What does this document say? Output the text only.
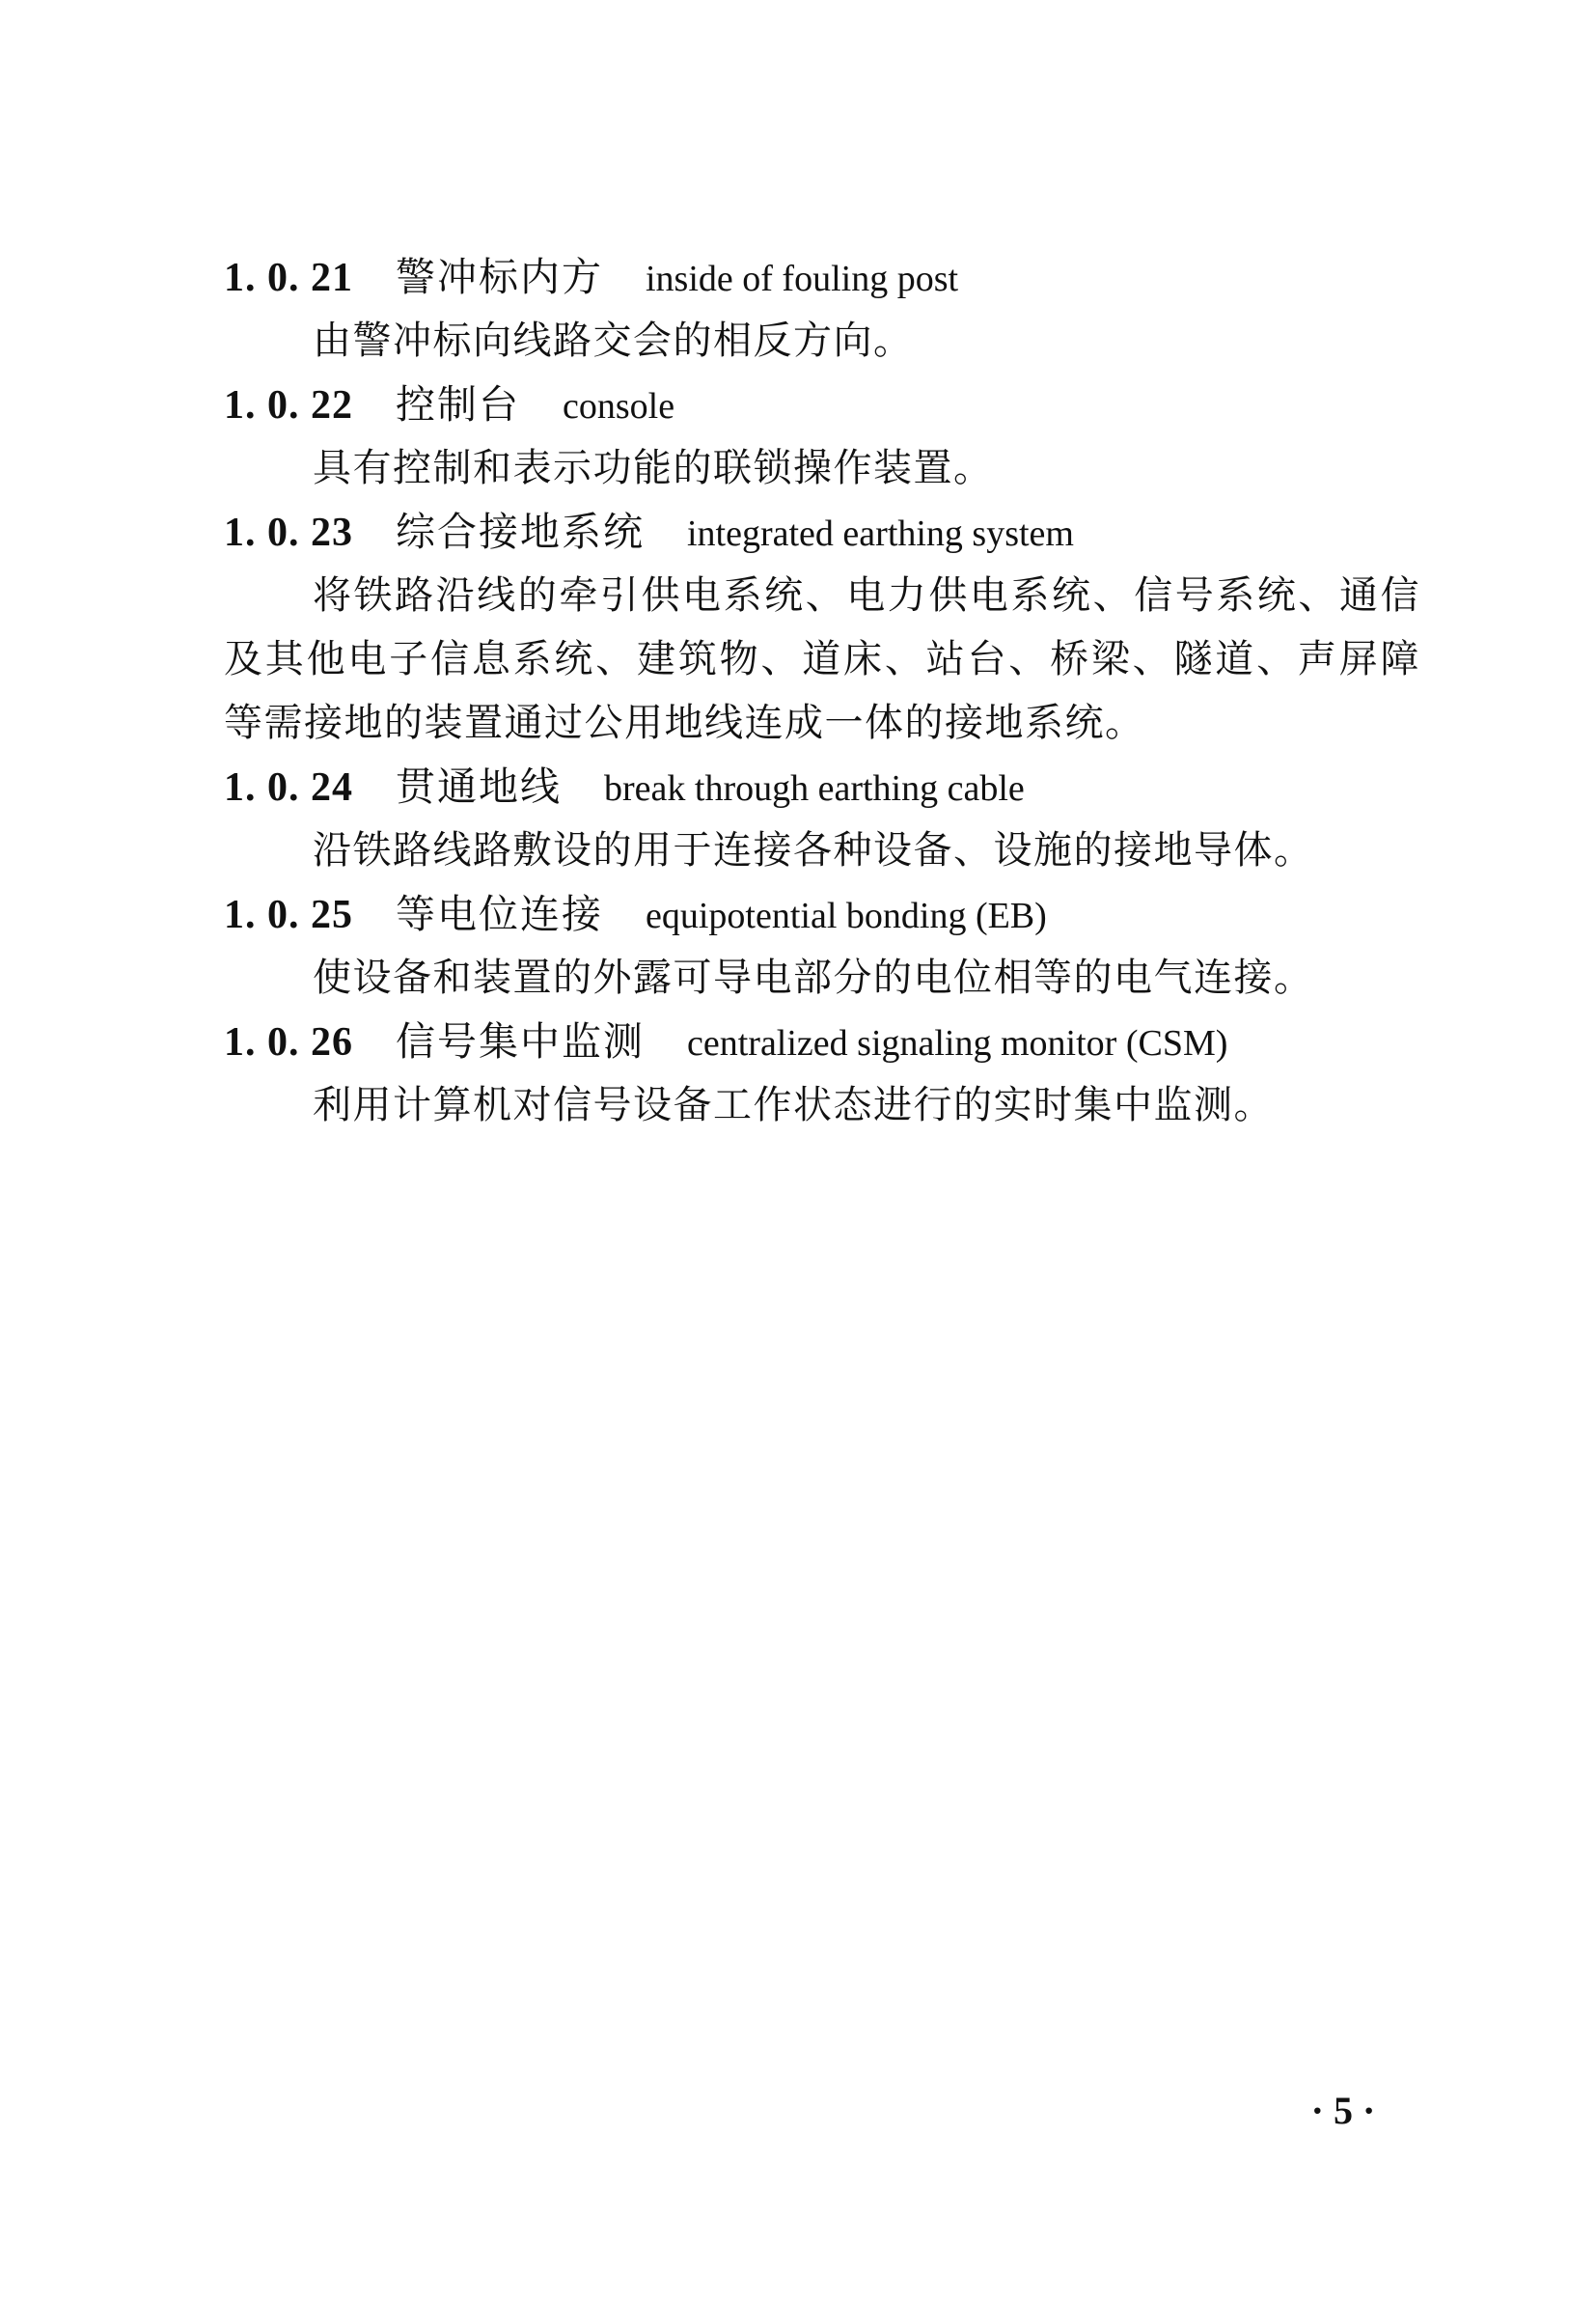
1. 0. 21 警冲标内方 inside of fouling post

由警冲标向线路交会的相反方向。

1. 0. 22 控制台 console

具有控制和表示功能的联锁操作装置。

1. 0. 23 综合接地系统 integrated earthing system

将铁路沿线的牵引供电系统、电力供电系统、信号系统、通信及其他电子信息系统、建筑物、道床、站台、桥梁、隧道、声屏障等需接地的装置通过公用地线连成一体的接地系统。

1. 0. 24 贯通地线 break through earthing cable

沿铁路线路敷设的用于连接各种设备、设施的接地导体。

1. 0. 25 等电位连接 equipotential bonding (EB)

使设备和装置的外露可导电部分的电位相等的电气连接。

1. 0. 26 信号集中监测 centralized signaling monitor (CSM)

利用计算机对信号设备工作状态进行的实时集中监测。

· 5 ·
